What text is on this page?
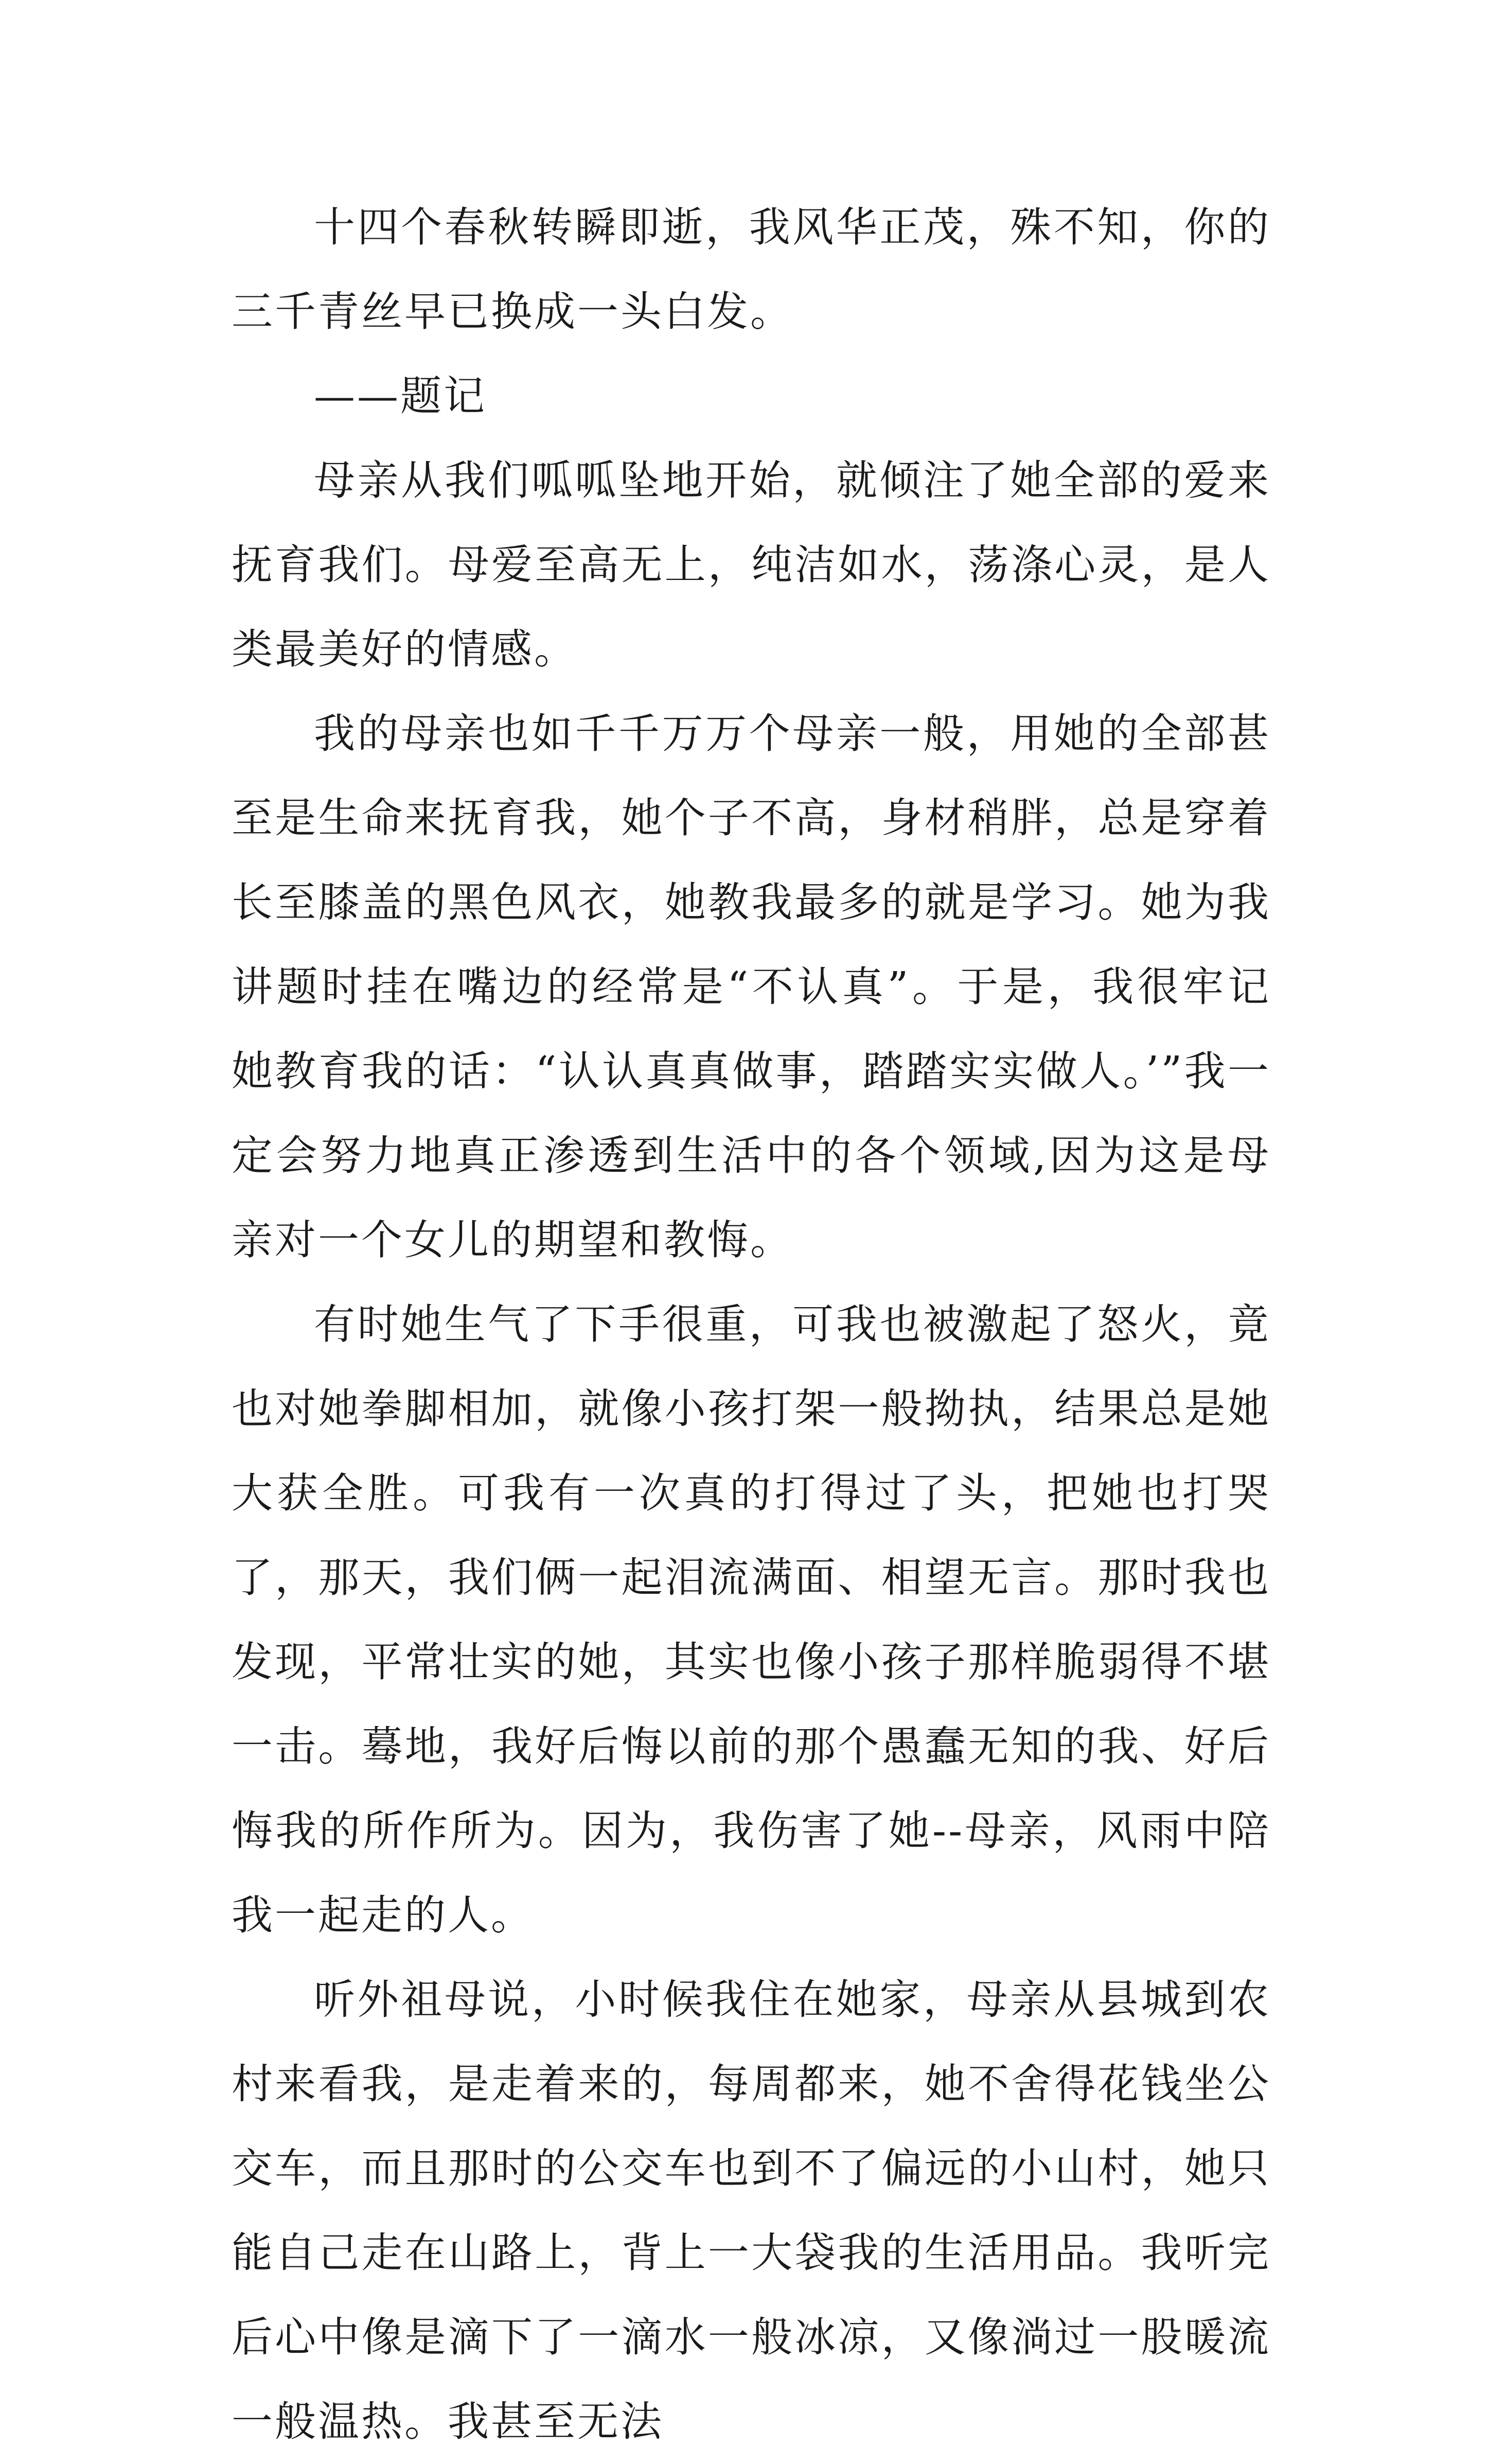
十四个春秋转瞬即逝，我风华正茂，殊不知，你的三千青丝早已换成一头白发。

——题记

母亲从我们呱呱坠地开始，就倾注了她全部的爱来抚育我们。母爱至高无上，纯洁如水，荡涤心灵，是人类最美好的情感。

我的母亲也如千千万万个母亲一般，用她的全部甚至是生命来抚育我，她个子不高，身材稍胖，总是穿着长至膝盖的黑色风衣，她教我最多的就是学习。她为我讲题时挂在嘴边的经常是“不认真”。于是，我很牢记她教育我的话：“认认真真做事，踏踏实实做人。’”我一定会努力地真正渗透到生活中的各个领域,因为这是母亲对一个女儿的期望和教悔。

有时她生气了下手很重，可我也被激起了怒火，竟也对她拳脚相加，就像小孩打架一般拗执，结果总是她大获全胜。可我有一次真的打得过了头，把她也打哭了，那天，我们俩一起泪流满面、相望无言。那时我也发现，平常壮实的她，其实也像小孩子那样脆弱得不堪一击。蓦地，我好后悔以前的那个愚蠢无知的我、好后悔我的所作所为。因为，我伤害了她--母亲，风雨中陪我一起走的人。

听外祖母说，小时候我住在她家，母亲从县城到农村来看我，是走着来的，每周都来，她不舍得花钱坐公交车，而且那时的公交车也到不了偏远的小山村，她只能自己走在山路上，背上一大袋我的生活用品。我听完后心中像是滴下了一滴水一般冰凉，又像淌过一股暖流一般温热。我甚至无法
